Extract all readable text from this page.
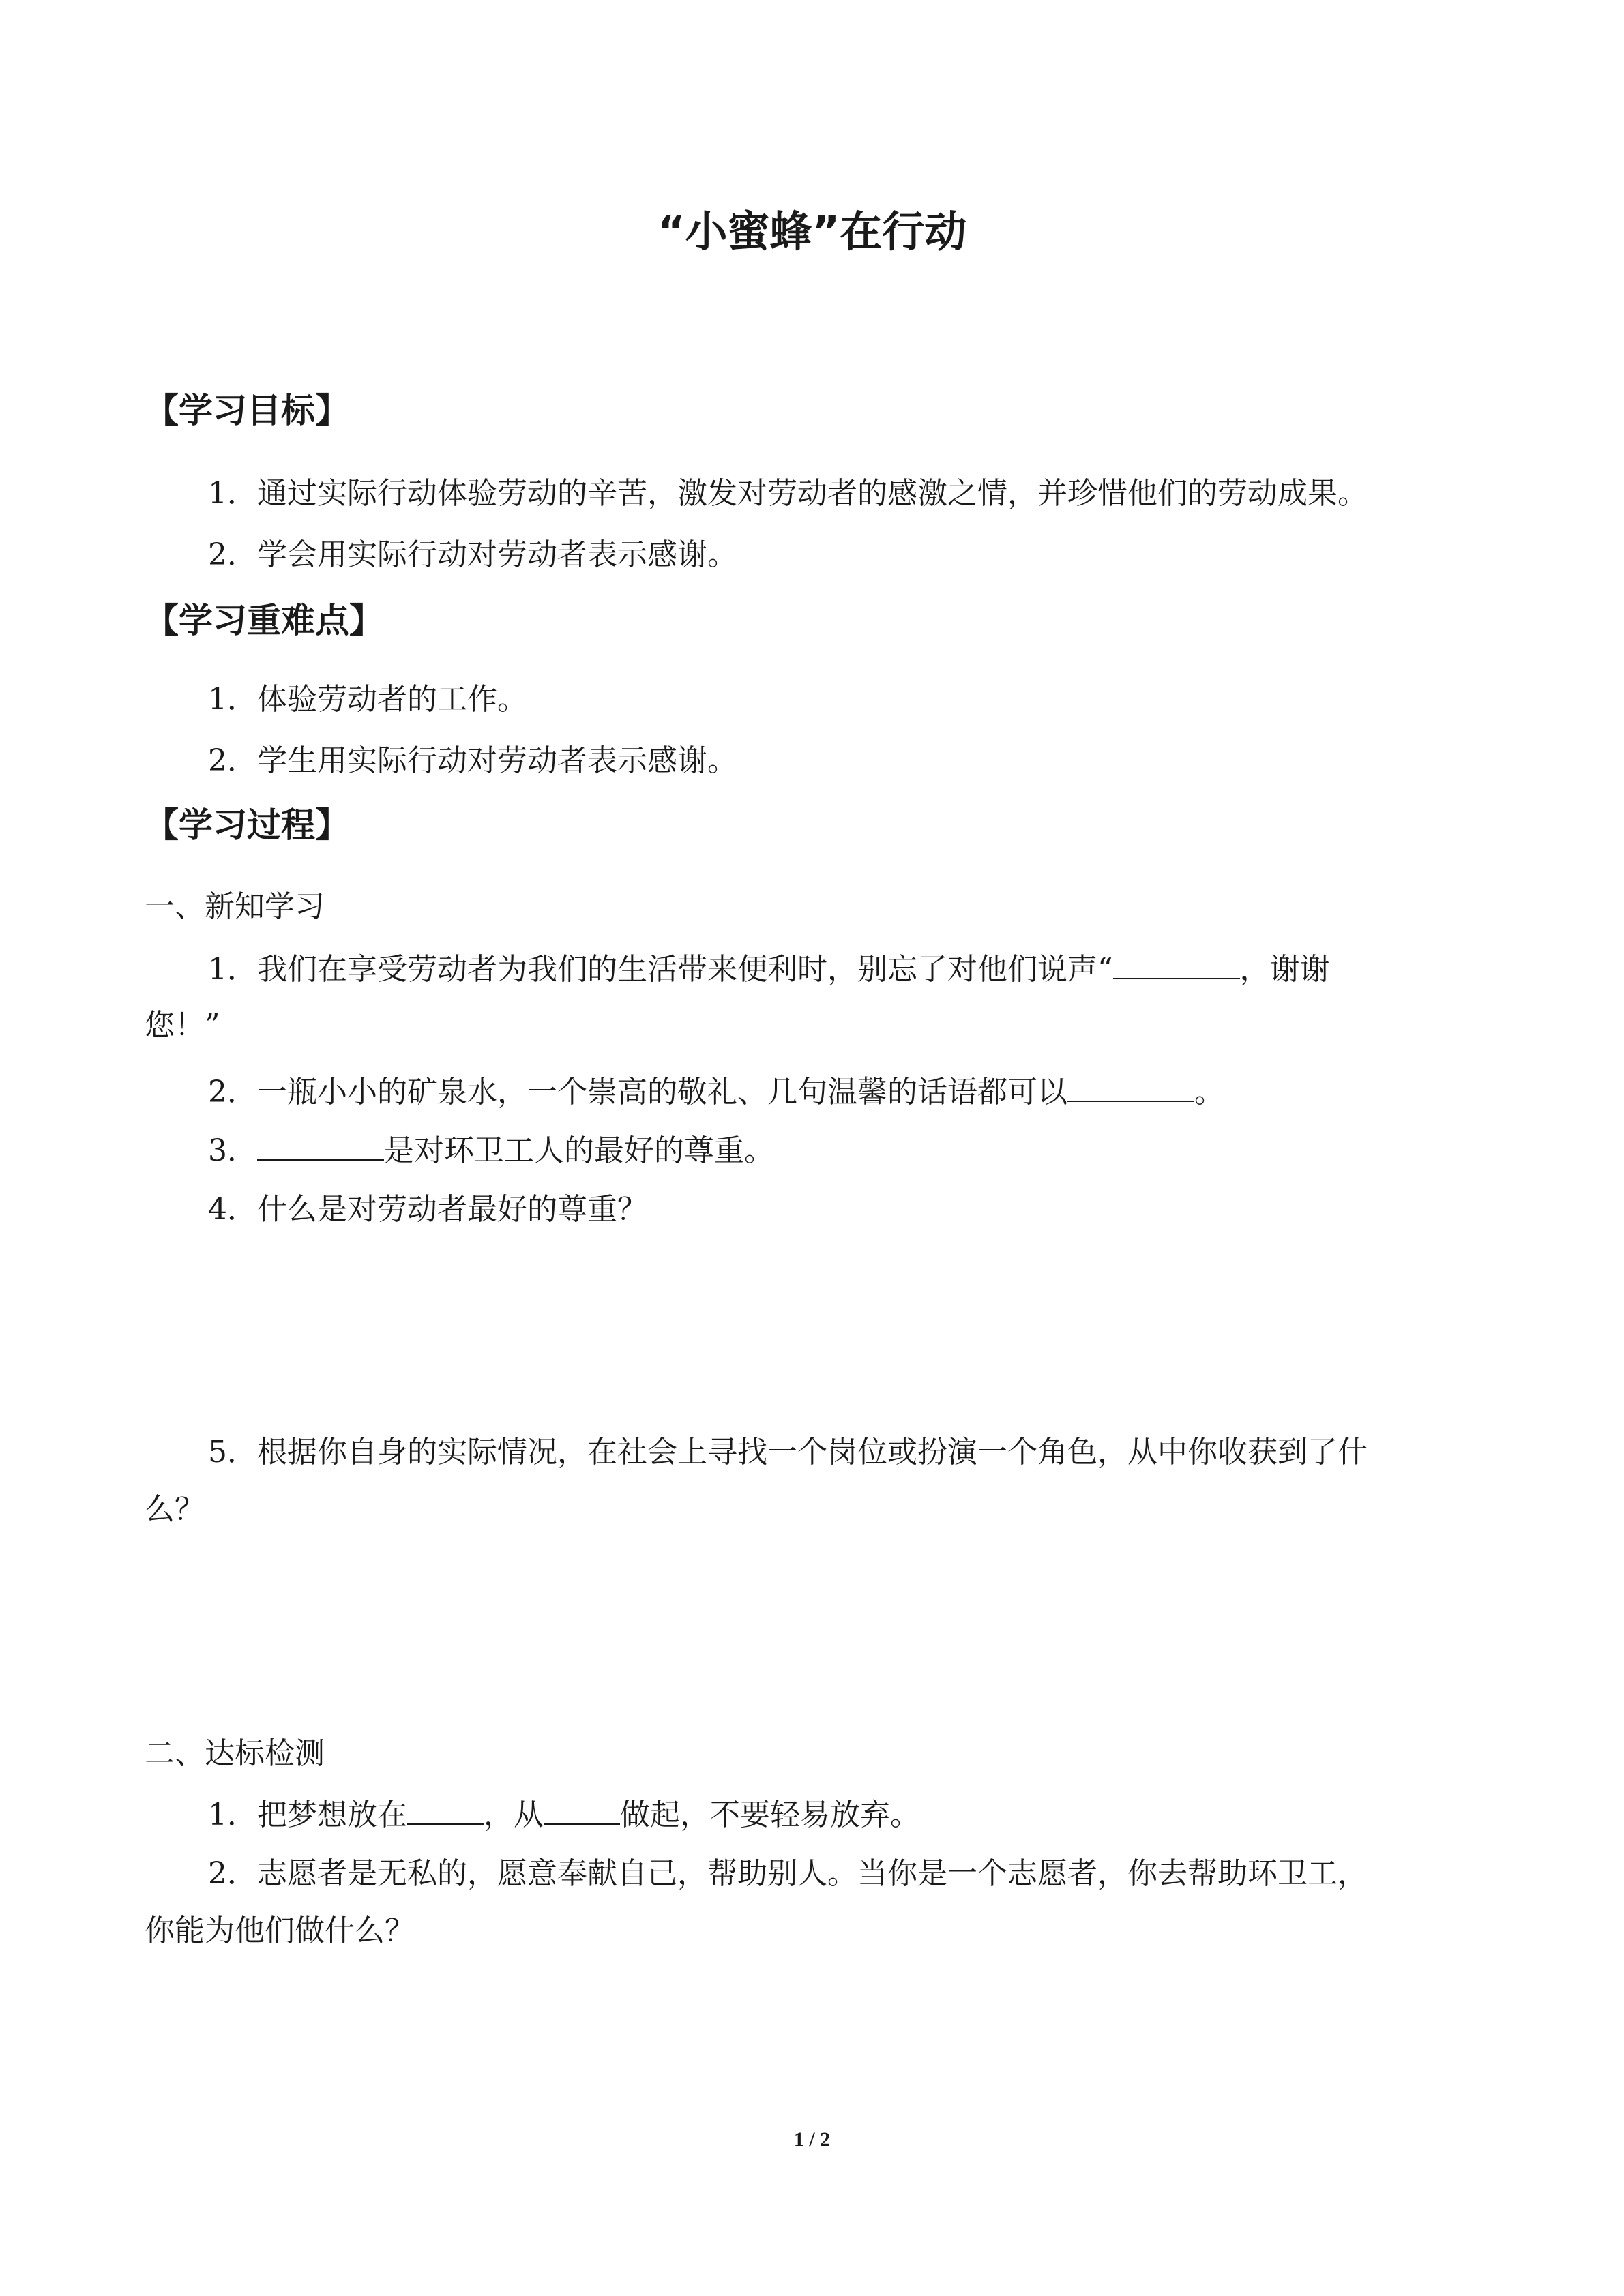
“小蜜蜂”在行动
【学习目标】
1．通过实际行动体验劳动的辛苦，激发对劳动者的感激之情，并珍惜他们的劳动成果。
2．学会用实际行动对劳动者表示感谢。
【学习重难点】
1．体验劳动者的工作。
2．学生用实际行动对劳动者表示感谢。
【学习过程】
一、新知学习
1．我们在享受劳动者为我们的生活带来便利时，别忘了对他们说声“	，谢谢
您！”
2．一瓶小小的矿泉水，一个崇高的敬礼、几句温馨的话语都可以	。
3．	是对环卫工人的最好的尊重。
4．什么是对劳动者最好的尊重？
5．根据你自身的实际情况，在社会上寻找一个岗位或扮演一个角色，从中你收获到了什
么？
二、达标检测
1．把梦想放在	，从	做起，不要轻易放弃。
2．志愿者是无私的，愿意奉献自己，帮助别人。当你是一个志愿者，你去帮助环卫工，
你能为他们做什么？
1 / 2
